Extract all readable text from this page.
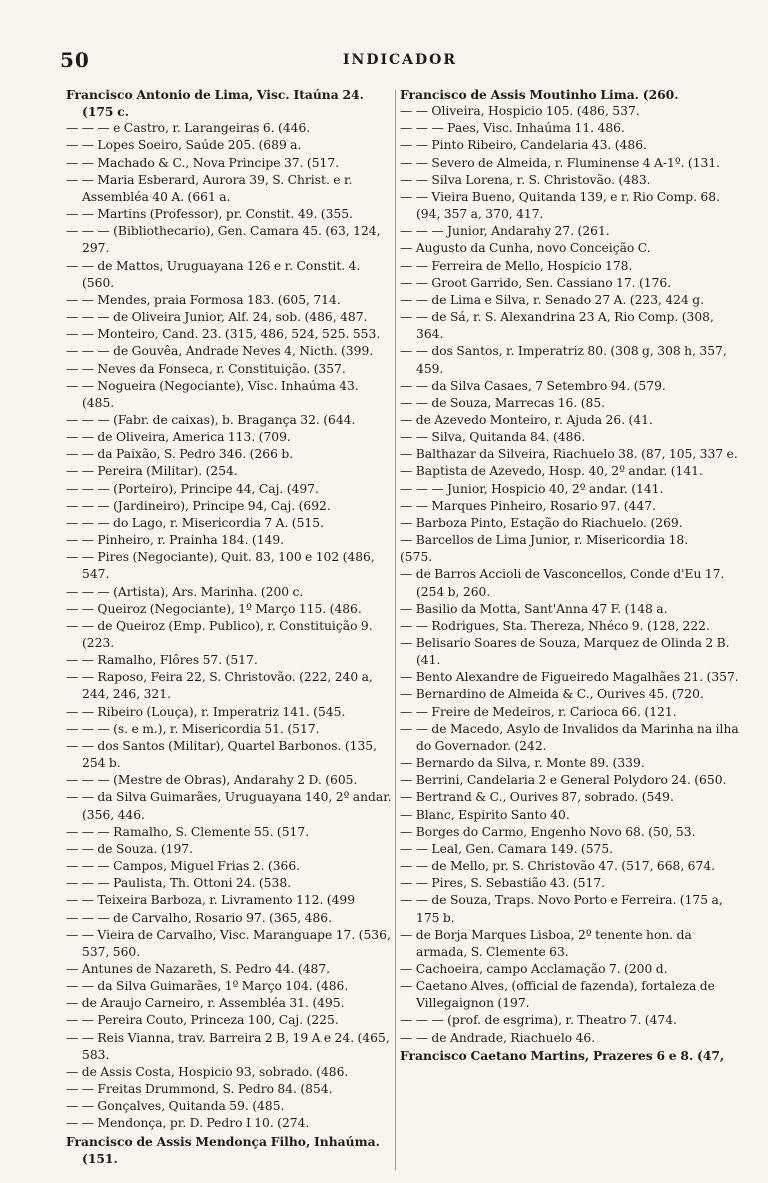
50	INDICADOR
Francisco Antonio de Lima, Visc. Itaúna 24. (175 c.
— — — e Castro, r. Larangeiras 6. (446.
— — Lopes Soeiro, Saúde 205. (689 a.
— — Machado & C., Nova Principe 37. (517.
— — Maria Esberard, Aurora 39, S. Christ. e r. Assembléa 40 A. (661 a.
— — Martins (Professor), pr. Constit. 49. (355.
— — — (Bibliothecario), Gen. Camara 45. (63, 124, 297.
— — de Mattos, Uruguayana 126 e r. Constit. 4. (560.
— — Mendes, praia Formosa 183. (605, 714.
— — — de Oliveira Junior, Alf. 24, sob. (486, 487.
— — Monteiro, Cand. 23. (315, 486, 524, 525. 553.
— — — de Gouvêa, Andrade Neves 4, Nicth. (399.
— — Neves da Fonseca, r. Constituição. (357.
— — Nogueira (Negociante), Visc. Inhaúma 43. (485.
— — — (Fabr. de caixas), b. Bragança 32. (644.
— — de Oliveira, America 113. (709.
— — da Paixão, S. Pedro 346. (266 b.
— — Pereira (Militar). (254.
— — — (Porteiro), Principe 44, Caj. (497.
— — — (Jardineiro), Principe 94, Caj. (692.
— — — do Lago, r. Misericordia 7 A. (515.
— — Pinheiro, r. Prainha 184. (149.
— — Pires (Negociante), Quit. 83, 100 e 102 (486, 547.
— — — (Artista), Ars. Marinha. (200 c.
— — Queiroz (Negociante), 1º Março 115. (486.
— — de Queiroz (Emp. Publico), r. Constituição 9. (223.
— — Ramalho, Flôres 57. (517.
— — Raposo, Feira 22, S. Christovão. (222, 240 a, 244, 246, 321.
— — Ribeiro (Louça), r. Imperatriz 141. (545.
— — — (s. e m.), r. Misericordia 51. (517.
— — dos Santos (Militar), Quartel Barbonos. (135, 254 b.
— — — (Mestre de Obras), Andarahy 2 D. (605.
— — da Silva Guimarães, Uruguayana 140, 2º andar. (356, 446.
— — — Ramalho, S. Clemente 55. (517.
— — de Souza. (197.
— — — Campos, Miguel Frias 2. (366.
— — — Paulista, Th. Ottoni 24. (538.
— — Teixeira Barboza, r. Livramento 112. (499
— — — de Carvalho, Rosario 97. (365, 486.
— — Vieira de Carvalho, Visc. Maranguape 17. (536, 537, 560.
— Antunes de Nazareth, S. Pedro 44. (487.
— — da Silva Guimarães, 1º Março 104. (486.
— de Araujo Carneiro, r. Assembléa 31. (495.
— — Pereira Couto, Princeza 100, Caj. (225.
— — Reis Vianna, trav. Barreira 2 B, 19 A e 24. (465, 583.
— de Assis Costa, Hospicio 93, sobrado. (486.
— — Freitas Drummond, S. Pedro 84. (854.
— — Gonçalves, Quitanda 59. (485.
— — Mendonça, pr. D. Pedro I 10. (274.
Francisco de Assis Mendonça Filho, Inhaúma. (151.
Francisco de Assis Moutinho Lima. (260.
— — Oliveira, Hospicio 105. (486, 537.
— — — Paes, Visc. Inhaúma 11. 486.
— — Pinto Ribeiro, Candelaria 43. (486.
— — Severo de Almeida, r. Fluminense 4 A-1º. (131.
— — Silva Lorena, r. S. Christovão. (483.
— — Vieira Bueno, Quitanda 139, e r. Rio Comp. 68. (94, 357 a, 370, 417.
— — — Junior, Andarahy 27. (261.
— Augusto da Cunha, novo Conceição C.
— — Ferreira de Mello, Hospicio 178.
— — Groot Garrido, Sen. Cassiano 17. (176.
— — de Lima e Silva, r. Senado 27 A. (223, 424 g.
— — de Sá, r. S. Alexandrina 23 A, Rio Comp. (308, 364.
— — dos Santos, r. Imperatriz 80. (308 g, 308 h, 357, 459.
— — da Silva Casaes, 7 Setembro 94. (579.
— — de Souza, Marrecas 16. (85.
— de Azevedo Monteiro, r. Ajuda 26. (41.
— — Silva, Quitanda 84. (486.
— Balthazar da Silveira, Riachuelo 38. (87, 105, 337 e.
— Baptista de Azevedo, Hosp. 40, 2º andar. (141.
— — — Junior, Hospicio 40, 2º andar. (141.
— — Marques Pinheiro, Rosario 97. (447.
— Barboza Pinto, Estação do Riachuelo. (269.
— Barcellos de Lima Junior, r. Misericordia 18.
(575.
— de Barros Accioli de Vasconcellos, Conde d'Eu 17. (254 b, 260.
— Basilio da Motta, Sant'Anna 47 F. (148 a.
— — Rodrigues, Sta. Thereza, Nhéco 9. (128, 222.
— Belisario Soares de Souza, Marquez de Olinda 2 B. (41.
— Bento Alexandre de Figueiredo Magalhães 21. (357.
— Bernardino de Almeida & C., Ourives 45. (720.
— — Freire de Medeiros, r. Carioca 66. (121.
— — de Macedo, Asylo de Invalidos da Marinha na ilha do Governador. (242.
— Bernardo da Silva, r. Monte 89. (339.
— Berrini, Candelaria 2 e General Polydoro 24. (650.
— Bertrand & C., Ourives 87, sobrado. (549.
— Blanc, Espirito Santo 40.
— Borges do Carmo, Engenho Novo 68. (50, 53.
— — Leal, Gen. Camara 149. (575.
— — de Mello, pr. S. Christovão 47. (517, 668, 674.
— — Pires, S. Sebastião 43. (517.
— — de Souza, Traps. Novo Porto e Ferreira. (175 a, 175 b.
— de Borja Marques Lisboa, 2º tenente hon. da armada, S. Clemente 63.
— Cachoeira, campo Acclamação 7. (200 d.
— Caetano Alves, (official de fazenda), fortaleza de Villegaignon (197.
— — — (prof. de esgrima), r. Theatro 7. (474.
— — de Andrade, Riachuelo 46.
Francisco Caetano Martins, Prazeres 6 e 8. (47,
